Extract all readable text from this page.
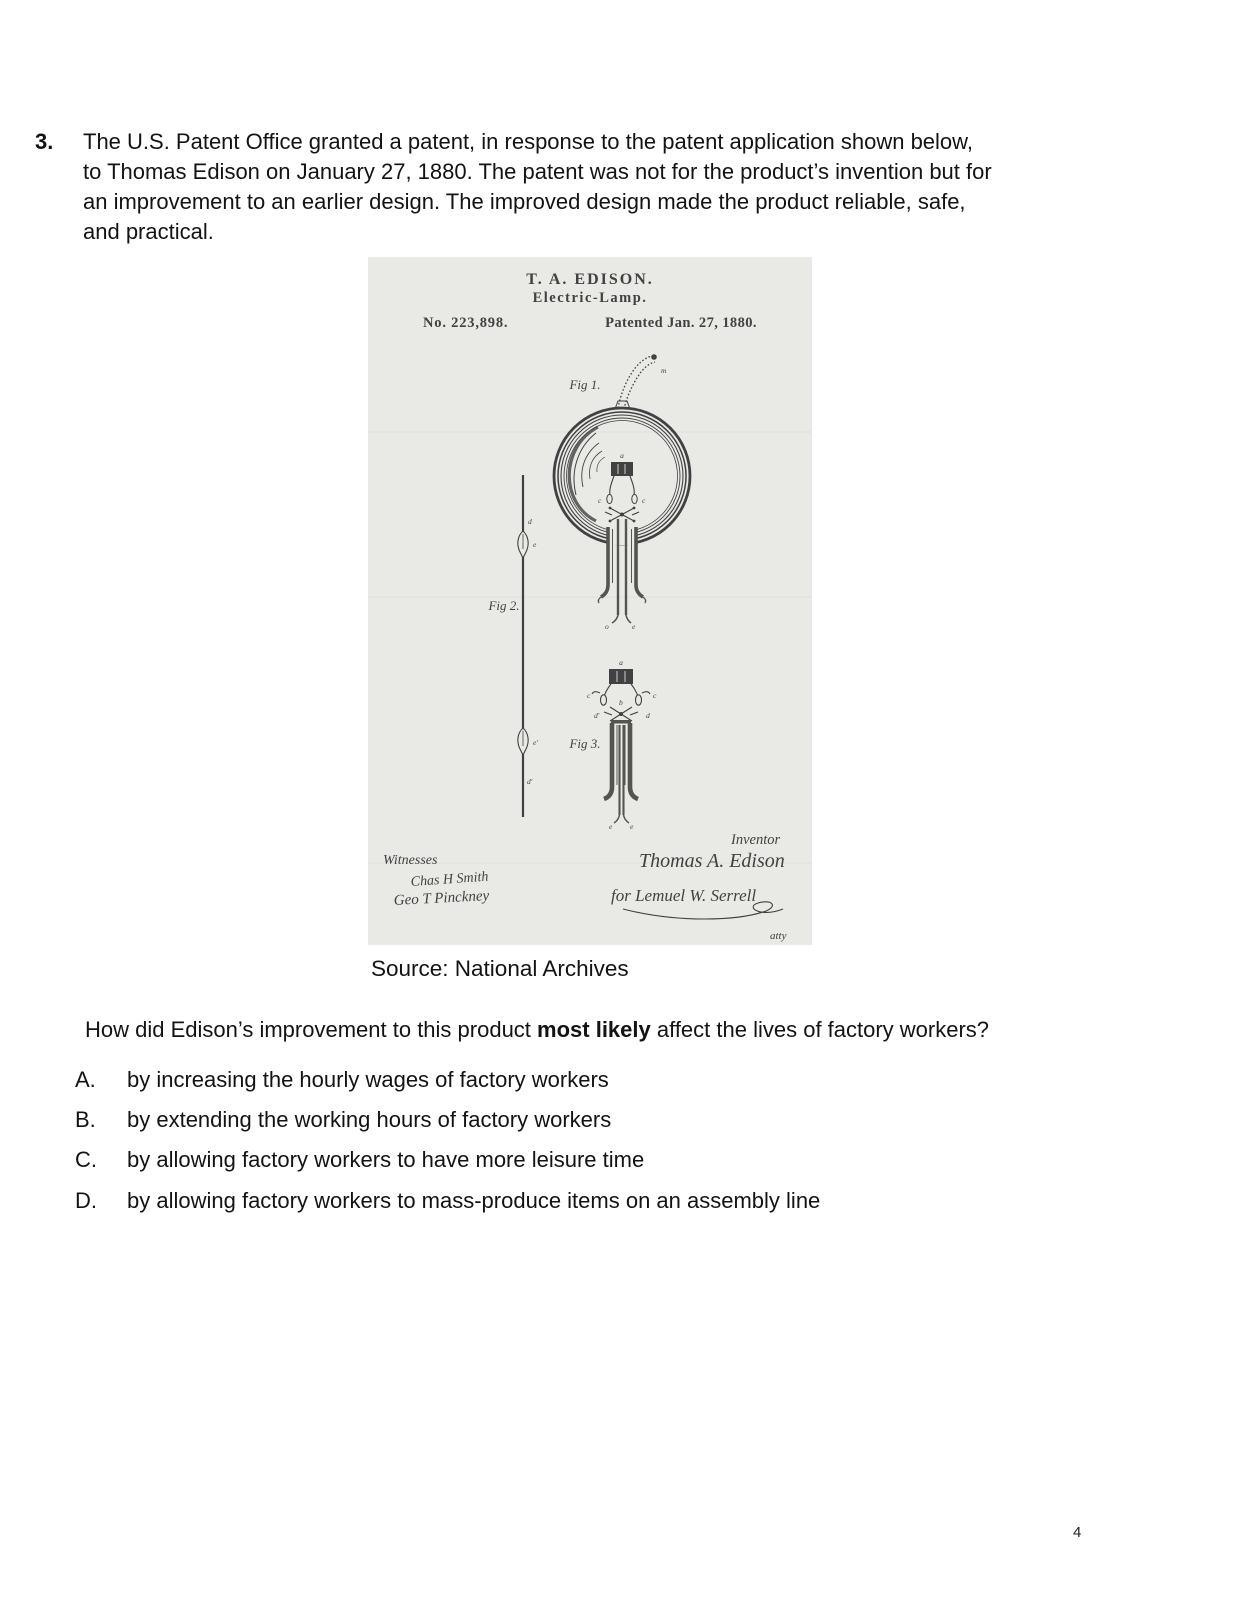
3. The U.S. Patent Office granted a patent, in response to the patent application shown below,
to Thomas Edison on January 27, 1880. The patent was not for the product’s invention but for
an improvement to an earlier design. The improved design made the product reliable, safe,
and practical.
T. A. EDISON.
Electric-Lamp.
No. 223,898.	Patented Jan. 27, 1880.
Fig 1.
m
a
c	c
o	e
Fig 2.
d
e
e'
d'
Fig 3.
a
c	c
b
d'	d
e e
Witnesses
Chas H Smith
Geo T Pinckney
Inventor
Thomas A. Edison
for Lemuel W. Serrell
atty
Source: National Archives
How did Edison’s improvement to this product most likely affect the lives of factory workers?
A. by increasing the hourly wages of factory workers
B. by extending the working hours of factory workers
C. by allowing factory workers to have more leisure time
D. by allowing factory workers to mass-produce items on an assembly line
4
